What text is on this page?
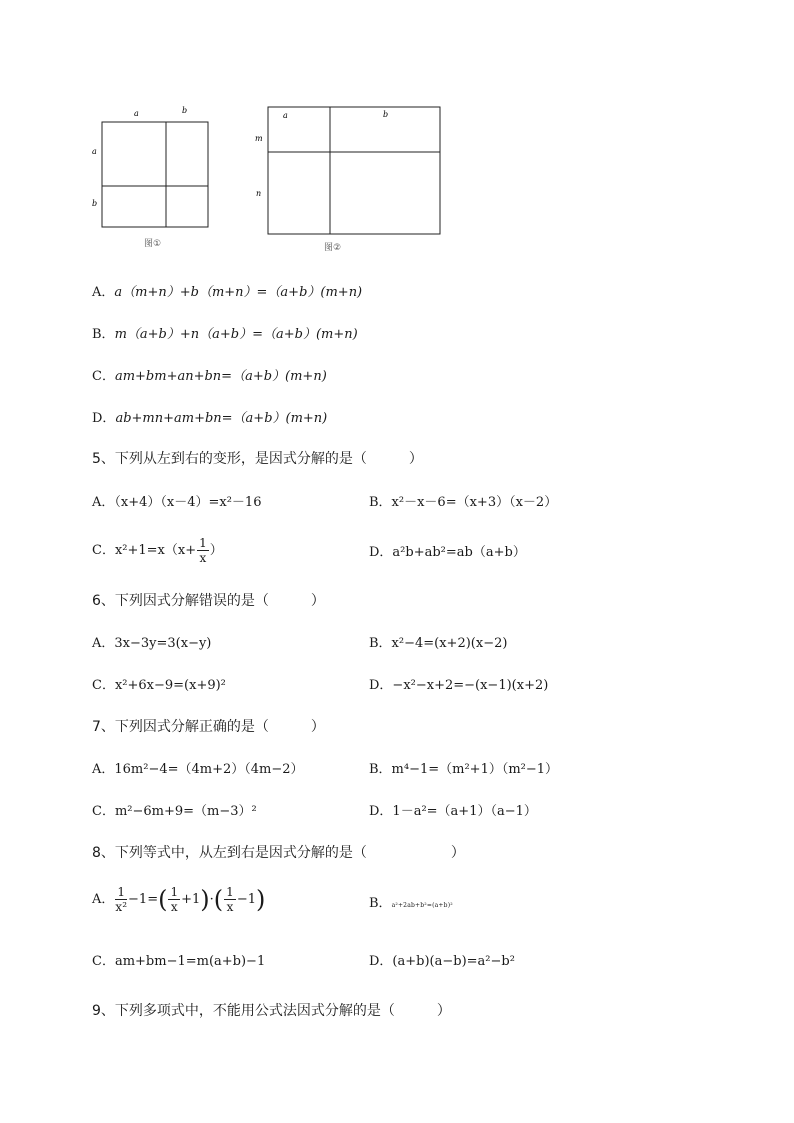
a	b
a
b
图①
a	b
m
n
图②
A．a（m+n）+b（m+n）=（a+b）(m+n)
B．m（a+b）+n（a+b）=（a+b）(m+n)
C．am+bm+an+bn=（a+b）(m+n)
D．ab+mn+am+bn=（a+b）(m+n)
5、下列从左到右的变形，是因式分解的是（　　　）
A．（x+4）（x－4）=x²－16	B．x²－x－6=（x+3）（x－2）
C．$x^2+1=x(x+ \frac{1}{x}$ ）	D．a²b+ab²=ab（a+b）
6、下列因式分解错误的是（　　　）
A．3x−3y=3(x−y)	B．x²−4=(x+2)(x−2)
C．x²+6x−9=(x+9)²	D．−x²−x+2=−(x−1)(x+2)
7、下列因式分解正确的是（　　　）
A．16m²−4=（4m+2）（4m−2）	B．m⁴−1=（m²+1）（m²−1）
C．m²−6m+9=（m−3）²	D．1－a²=（a+1）（a−1）
8、下列等式中，从左到右是因式分解的是（　　　　　　）
A． $\frac{1}{\text{x²}} -1=( \frac{1}{x} +1)\cdot( \frac{1}{x} -1)$	B．a²+2ab+b²=(a+b)²
C．am+bm−1=m(a+b)−1	D．(a+b)(a−b)=a²−b²
9、下列多项式中，不能用公式法因式分解的是（　　　）
